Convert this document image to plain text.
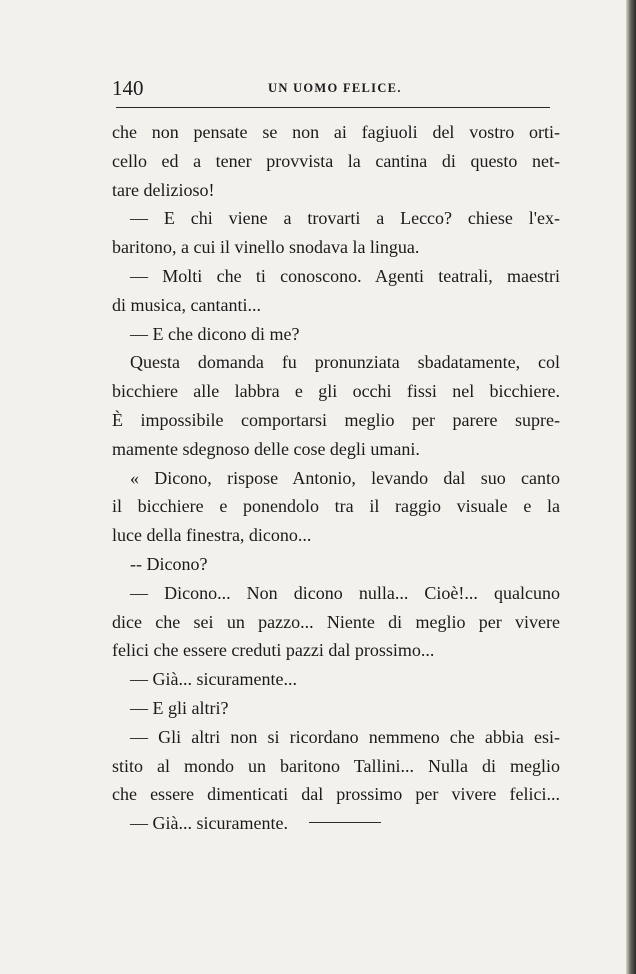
140	UN UOMO FELICE.
che non pensate se non ai fagiuoli del vostro orti-
cello ed a tener provvista la cantina di questo net-
tare delizioso!
— E chi viene a trovarti a Lecco? chiese l'ex-
baritono, a cui il vinello snodava la lingua.
— Molti che ti conoscono. Agenti teatrali, maestri
di musica, cantanti...
— E che dicono di me?
Questa domanda fu pronunziata sbadatamente, col
bicchiere alle labbra e gli occhi fissi nel bicchiere.
È impossibile comportarsi meglio per parere supre-
mamente sdegnoso delle cose degli umani.
« Dicono, rispose Antonio, levando dal suo canto
il bicchiere e ponendolo tra il raggio visuale e la
luce della finestra, dicono...
-- Dicono?
— Dicono... Non dicono nulla... Cioè!... qualcuno
dice che sei un pazzo... Niente di meglio per vivere
felici che essere creduti pazzi dal prossimo...
— Già... sicuramente...
— E gli altri?
— Gli altri non si ricordano nemmeno che abbia esi-
stito al mondo un baritono Tallini... Nulla di meglio
che essere dimenticati dal prossimo per vivere felici...
— Già... sicuramente.
